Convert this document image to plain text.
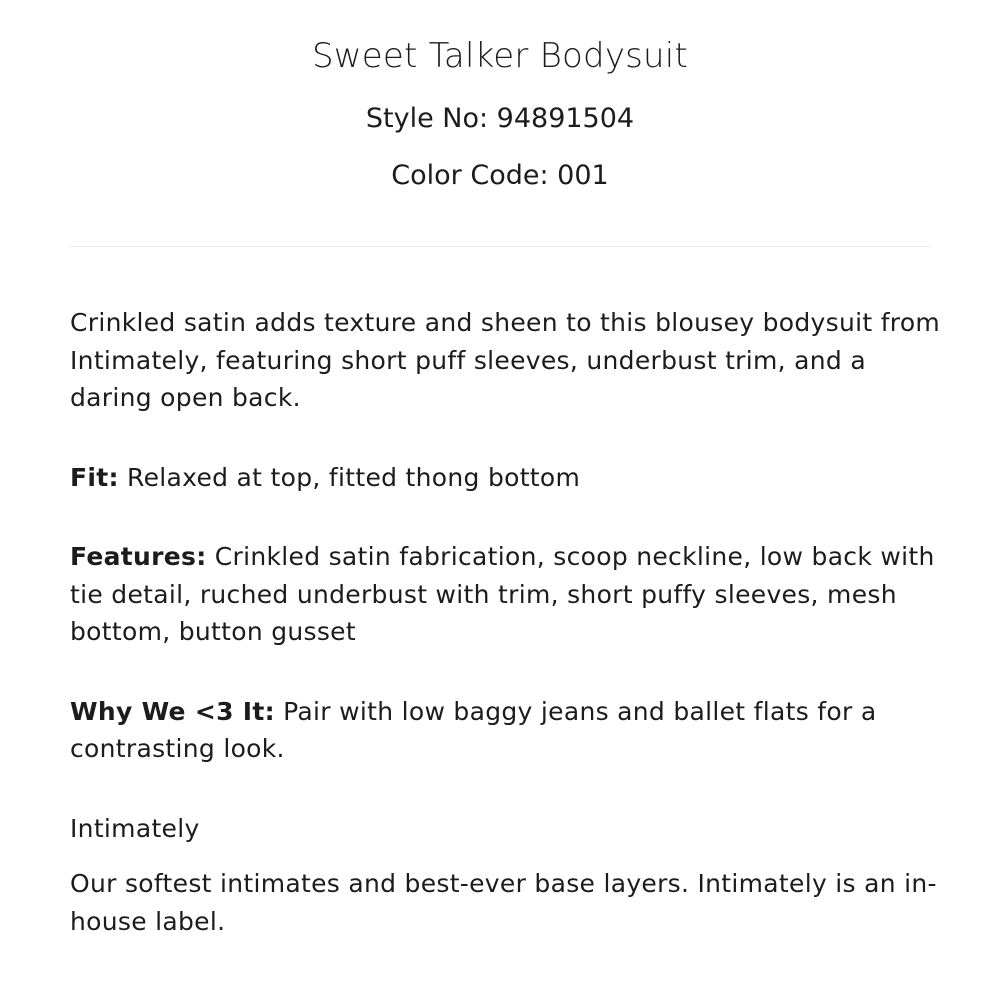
Sweet Talker Bodysuit
Style No: 94891504
Color Code: 001

Crinkled satin adds texture and sheen to this blousey bodysuit from Intimately, featuring short puff sleeves, underbust trim, and a daring open back.

Fit: Relaxed at top, fitted thong bottom

Features: Crinkled satin fabrication, scoop neckline, low back with tie detail, ruched underbust with trim, short puffy sleeves, mesh bottom, button gusset

Why We <3 It: Pair with low baggy jeans and ballet flats for a contrasting look.

Intimately

Our softest intimates and best-ever base layers. Intimately is an in-house label.
